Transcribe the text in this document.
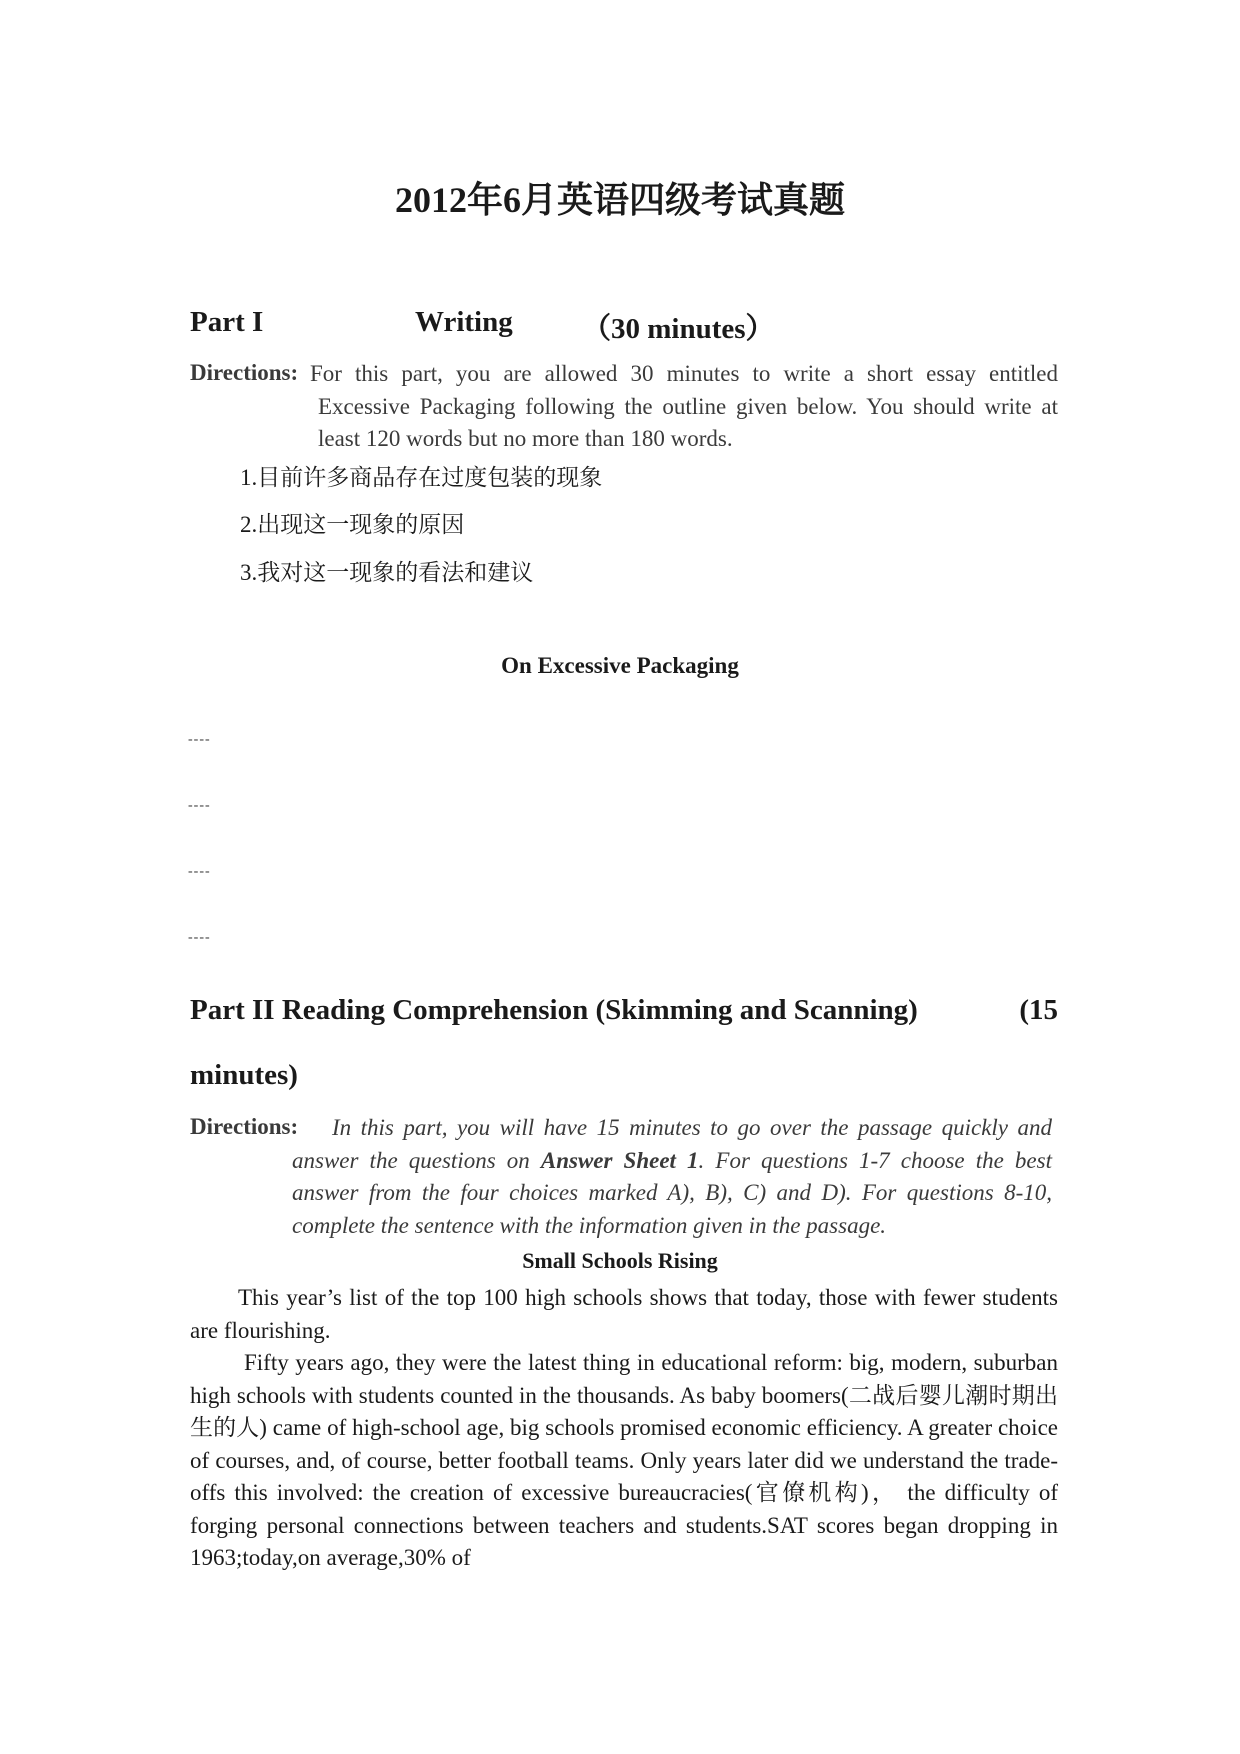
2012年6月英语四级考试真题
Part I	Writing （30 minutes）
Directions: For this part, you are allowed 30 minutes to write a short essay entitled Excessive Packaging following the outline given below. You should write at least 120 words but no more than 180 words.

1.目前许多商品存在过度包装的现象

2.出现这一现象的原因

3.我对这一现象的看法和建议

On Excessive Packaging

----
----
----
----
Part II Reading Comprehension (Skimming and Scanning)	(15

minutes)

Directions:	In this part, you will have 15 minutes to go over the passage quickly and answer the questions on Answer Sheet 1. For questions 1-7 choose the best answer from the four choices marked A), B), C) and D). For questions 8-10, complete the sentence with the information given in the passage.

Small Schools Rising

This year’s list of the top 100 high schools shows that today, those with fewer students are flourishing.

Fifty years ago, they were the latest thing in educational reform: big, modern, suburban high schools with students counted in the thousands. As baby boomers(二战后婴儿潮时期出生的人) came of high-school age, big schools promised economic efficiency. A greater choice of courses, and, of course, better football teams. Only years later did we understand the trade-offs this involved: the creation of excessive bureaucracies(官僚机构)， the difficulty of forging personal connections between teachers and students.SAT scores began dropping in 1963;today,on average,30% of
